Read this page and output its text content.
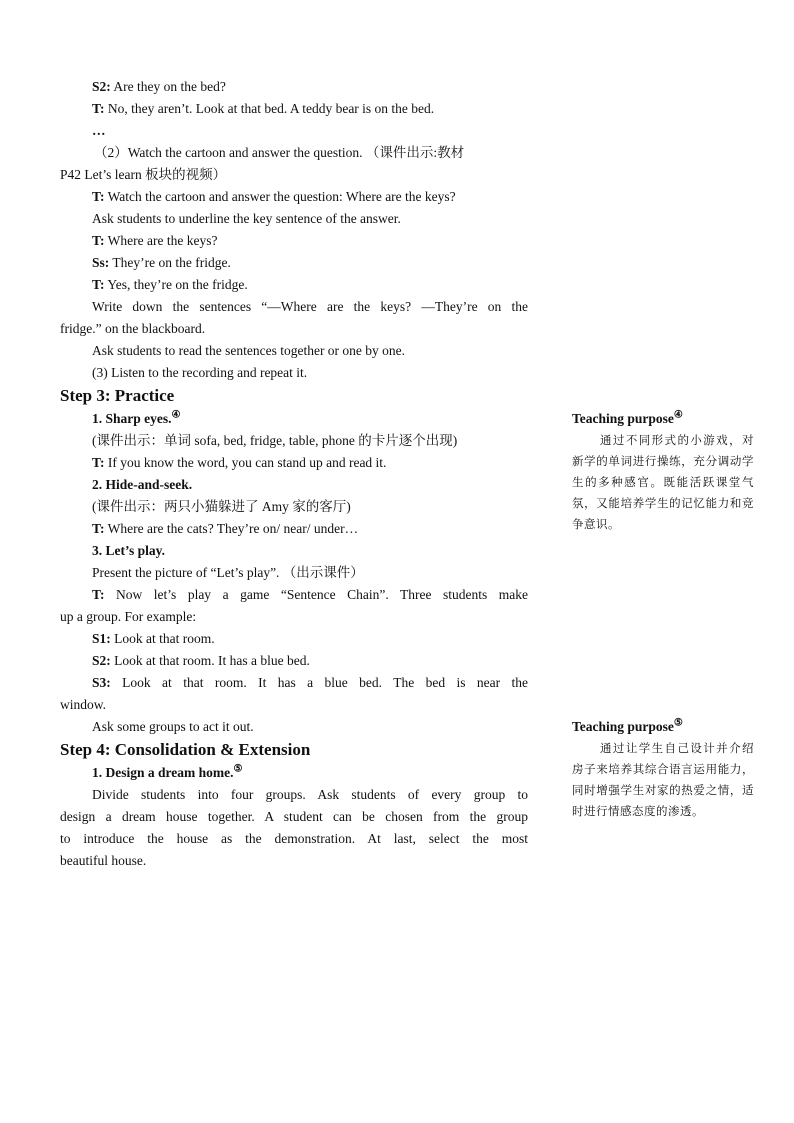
S2: Are they on the bed?
T: No, they aren’t. Look at that bed. A teddy bear is on the bed.
…
（2）Watch the cartoon and answer the question. （课件出示:教材
P42 Let’s learn 板块的视频）
T: Watch the cartoon and answer the question: Where are the keys?
Ask students to underline the key sentence of the answer.
T: Where are the keys?
Ss: They’re on the fridge.
T: Yes, they’re on the fridge.
Write down the sentences “—Where are the keys? —They’re on the
fridge.” on the blackboard.
Ask students to read the sentences together or one by one.
(3) Listen to the recording and repeat it.
Step 3: Practice
1. Sharp eyes.④
(课件出示：单词 sofa, bed, fridge, table, phone 的卡片逐个出现)
T: If you know the word, you can stand up and read it.
2. Hide-and-seek.
(课件出示：两只小猫躲进了 Amy 家的客厅)
T: Where are the cats? They’re on/ near/ under…
3. Let’s play.
Present the picture of “Let’s play”. （出示课件）
T: Now let’s play a game “Sentence Chain”. Three students make
up a group. For example:
S1: Look at that room.
S2: Look at that room. It has a blue bed.
S3: Look at that room. It has a blue bed. The bed is near the
window.
Ask some groups to act it out.
Step 4: Consolidation & Extension
1. Design a dream home.⑤
Divide students into four groups. Ask students of every group to
design a dream house together. A student can be chosen from the group
to introduce the house as the demonstration. At last, select the most
beautiful house.
Teaching purpose④
通过不同形式的小游戏，对新学的单词进行操练，充分调动学生的多种感官。既能活跃课堂气氛，又能培养学生的记忆能力和竞争意识。
Teaching purpose⑤
通过让学生自己设计并介绍房子来培养其综合语言运用能力，同时增强学生对家的热爱之情，适时进行情感态度的渗透。
